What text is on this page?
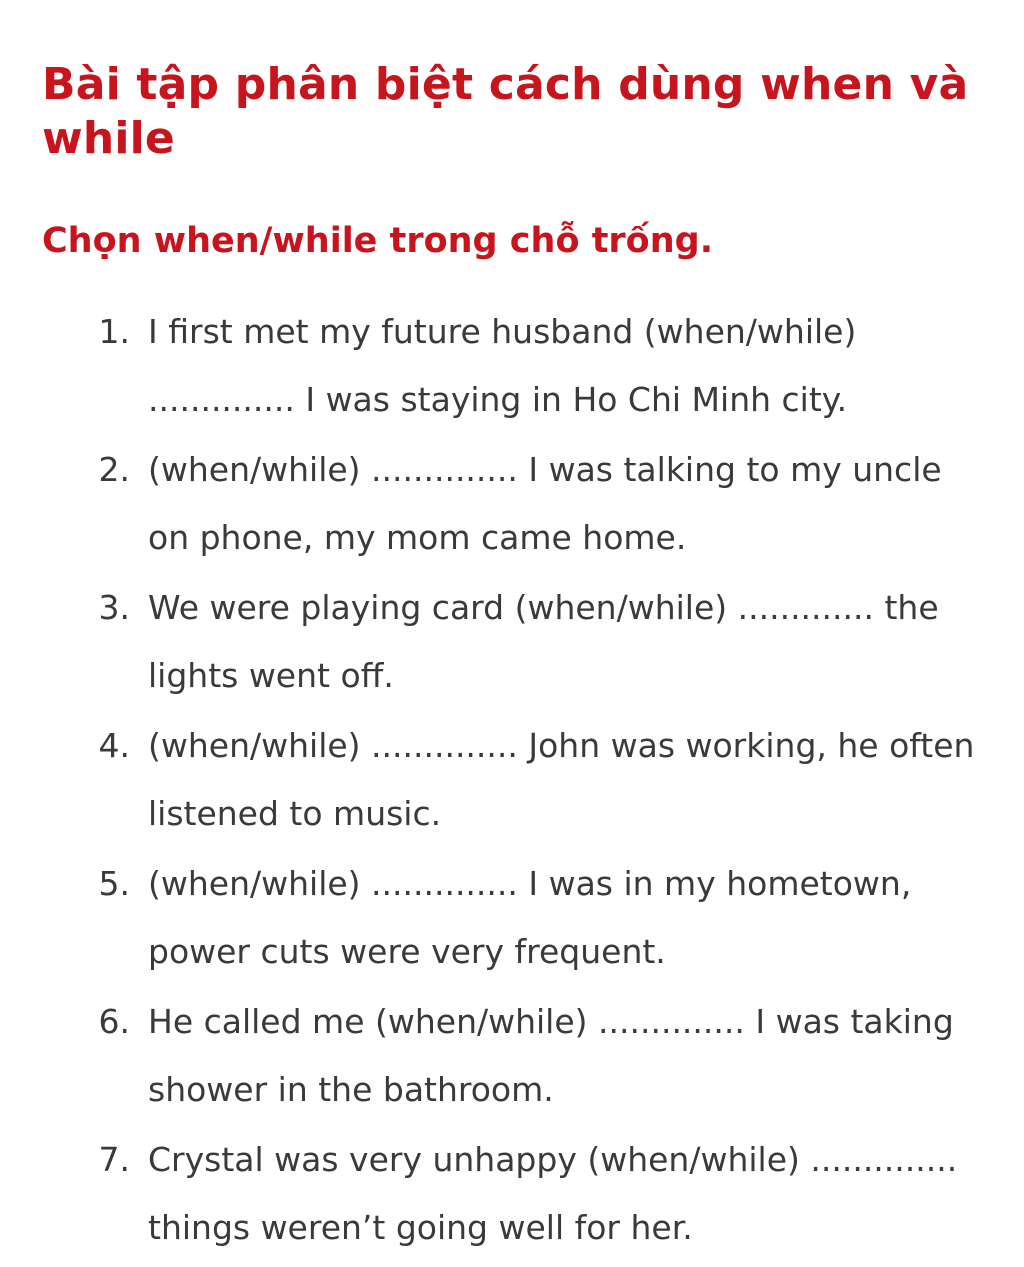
Bài tập phân biệt cách dùng when và while
Chọn when/while trong chỗ trống.
1. I first met my future husband (when/while) .............. I was staying in Ho Chi Minh city.
2. (when/while) .............. I was talking to my uncle on phone, my mom came home.
3. We were playing card (when/while) ............. the lights went off.
4. (when/while) .............. John was working, he often listened to music.
5. (when/while) .............. I was in my hometown, power cuts were very frequent.
6. He called me (when/while) .............. I was taking shower in the bathroom.
7. Crystal was very unhappy (when/while) .............. things weren’t going well for her.
